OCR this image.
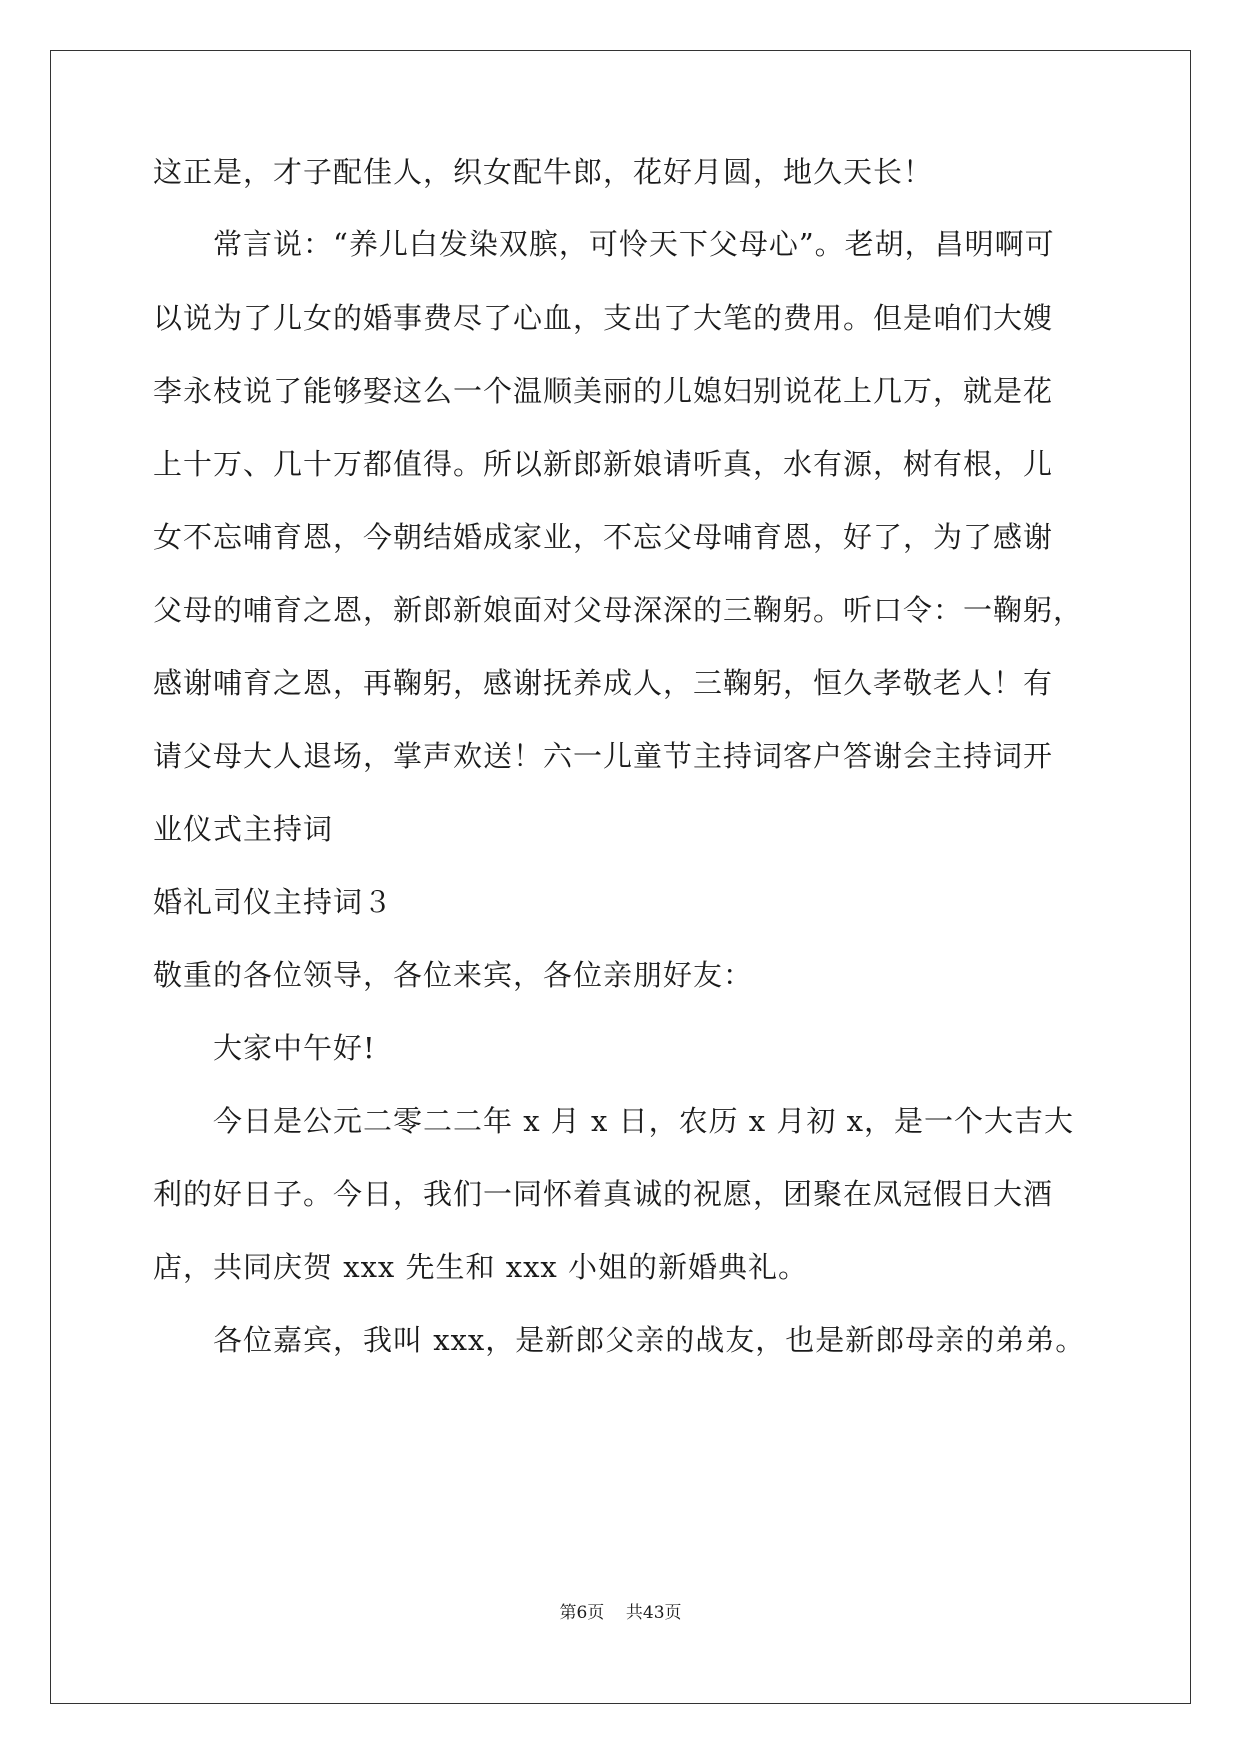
这正是，才子配佳人，织女配牛郎，花好月圆，地久天长！
常言说：“养儿白发染双膑，可怜天下父母心”。老胡，昌明啊可
以说为了儿女的婚事费尽了心血，支出了大笔的费用。但是咱们大嫂
李永枝说了能够娶这么一个温顺美丽的儿媳妇别说花上几万，就是花
上十万、几十万都值得。所以新郎新娘请听真，水有源，树有根，儿
女不忘哺育恩，今朝结婚成家业，不忘父母哺育恩，好了，为了感谢
父母的哺育之恩，新郎新娘面对父母深深的三鞠躬。听口令：一鞠躬，
感谢哺育之恩，再鞠躬，感谢抚养成人，三鞠躬，恒久孝敬老人！有
请父母大人退场，掌声欢送！六一儿童节主持词客户答谢会主持词开
业仪式主持词
婚礼司仪主持词３
敬重的各位领导，各位来宾，各位亲朋好友：
大家中午好!
今日是公元二零二二年 x 月 x 日，农历 x 月初 x，是一个大吉大
利的好日子。今日，我们一同怀着真诚的祝愿，团聚在凤冠假日大酒
店，共同庆贺 xxx 先生和 xxx 小姐的新婚典礼。
各位嘉宾，我叫 xxx，是新郎父亲的战友，也是新郎母亲的弟弟。
第6页 共43页
